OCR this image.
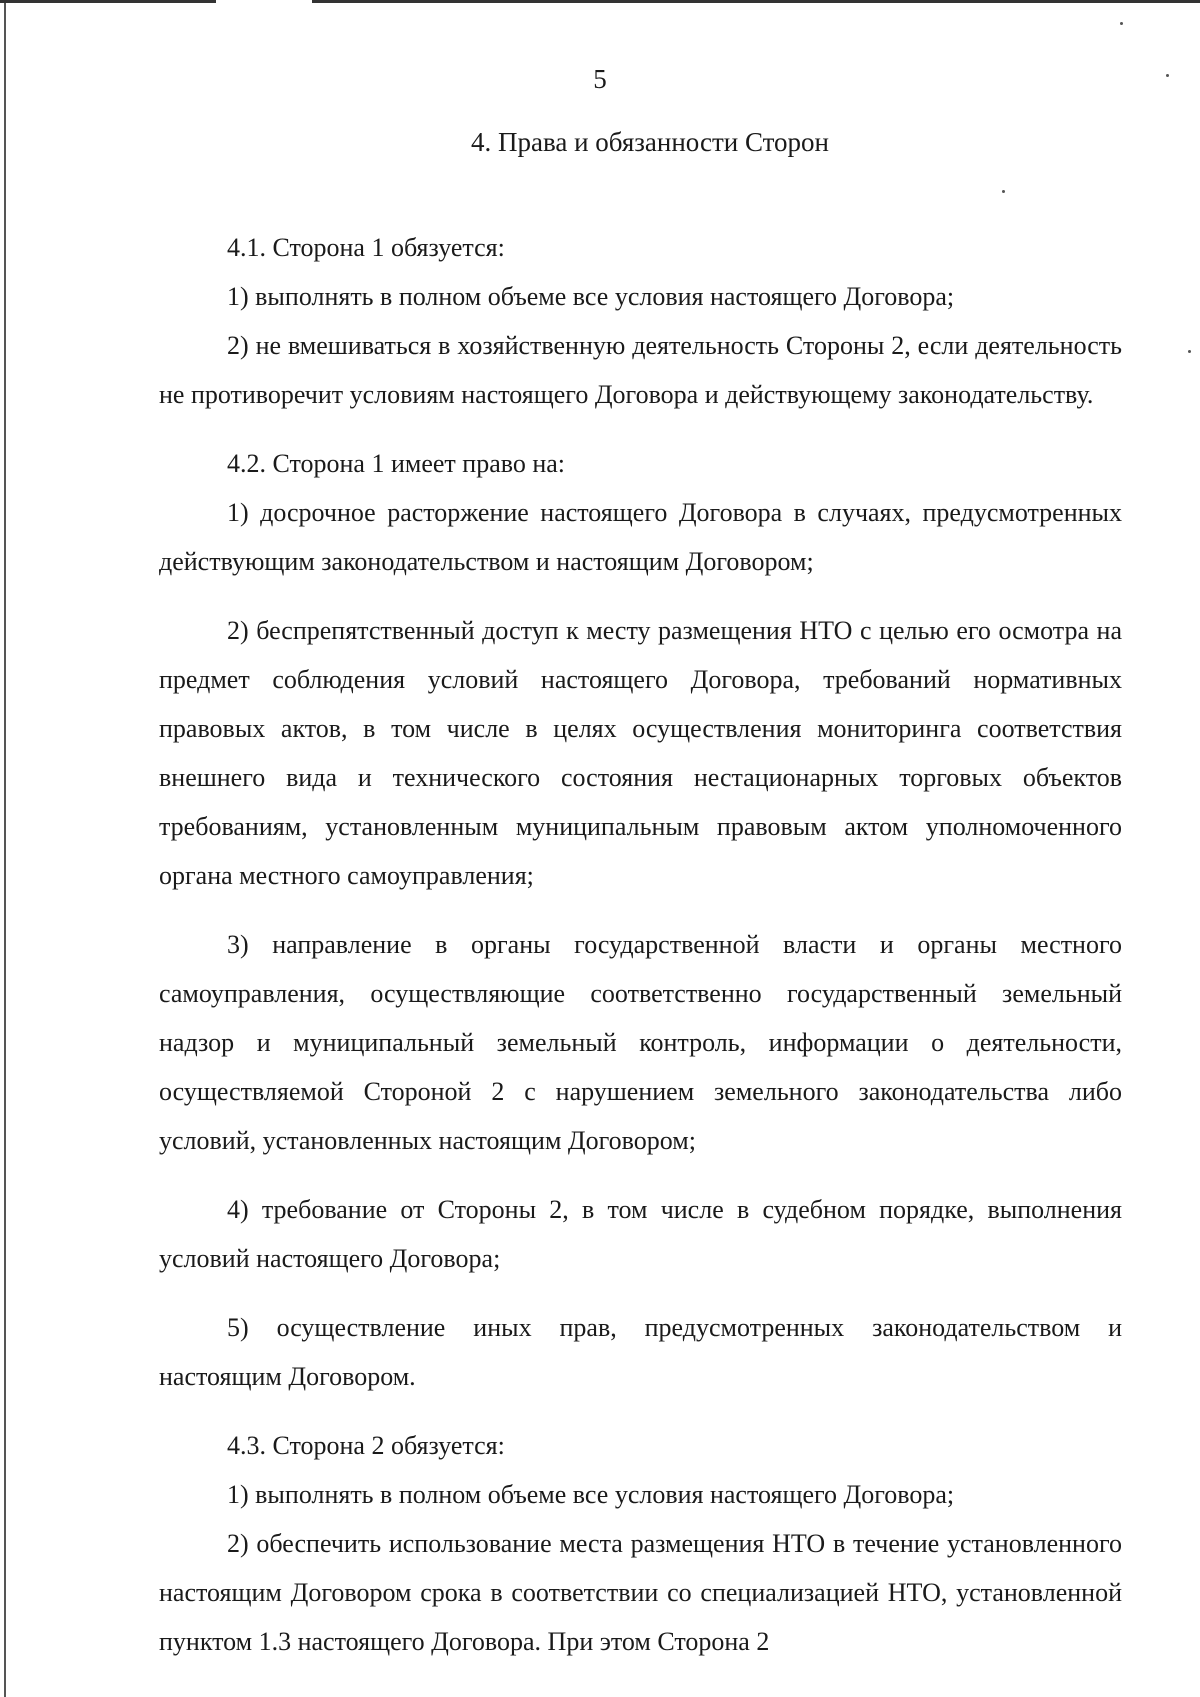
5
4. Права и обязанности Сторон

4.1. Сторона 1 обязуется:

1) выполнять в полном объеме все условия настоящего Договора;

2) не вмешиваться в хозяйственную деятельность Стороны 2, если деятельность не противоречит условиям настоящего Договора и действующему законодательству.

4.2. Сторона 1 имеет право на:

1) досрочное расторжение настоящего Договора в случаях, предусмотренных действующим законодательством и настоящим Договором;

2) беспрепятственный доступ к месту размещения НТО с целью его осмотра на предмет соблюдения условий настоящего Договора, требований нормативных правовых актов, в том числе в целях осуществления мониторинга соответствия внешнего вида и технического состояния нестационарных торговых объектов требованиям, установленным муниципальным правовым актом уполномоченного органа местного самоуправления;

3) направление в органы государственной власти и органы местного самоуправления, осуществляющие соответственно государственный земельный надзор и муниципальный земельный контроль, информации о деятельности, осуществляемой Стороной 2 с нарушением земельного законодательства либо условий, установленных настоящим Договором;

4) требование от Стороны 2, в том числе в судебном порядке, выполнения условий настоящего Договора;

5) осуществление иных прав, предусмотренных законодательством и настоящим Договором.

4.3. Сторона 2 обязуется:

1) выполнять в полном объеме все условия настоящего Договора;

2) обеспечить использование места размещения НТО в течение установленного настоящим Договором срока в соответствии со специализацией НТО, установленной пунктом 1.3 настоящего Договора. При этом Сторона 2
